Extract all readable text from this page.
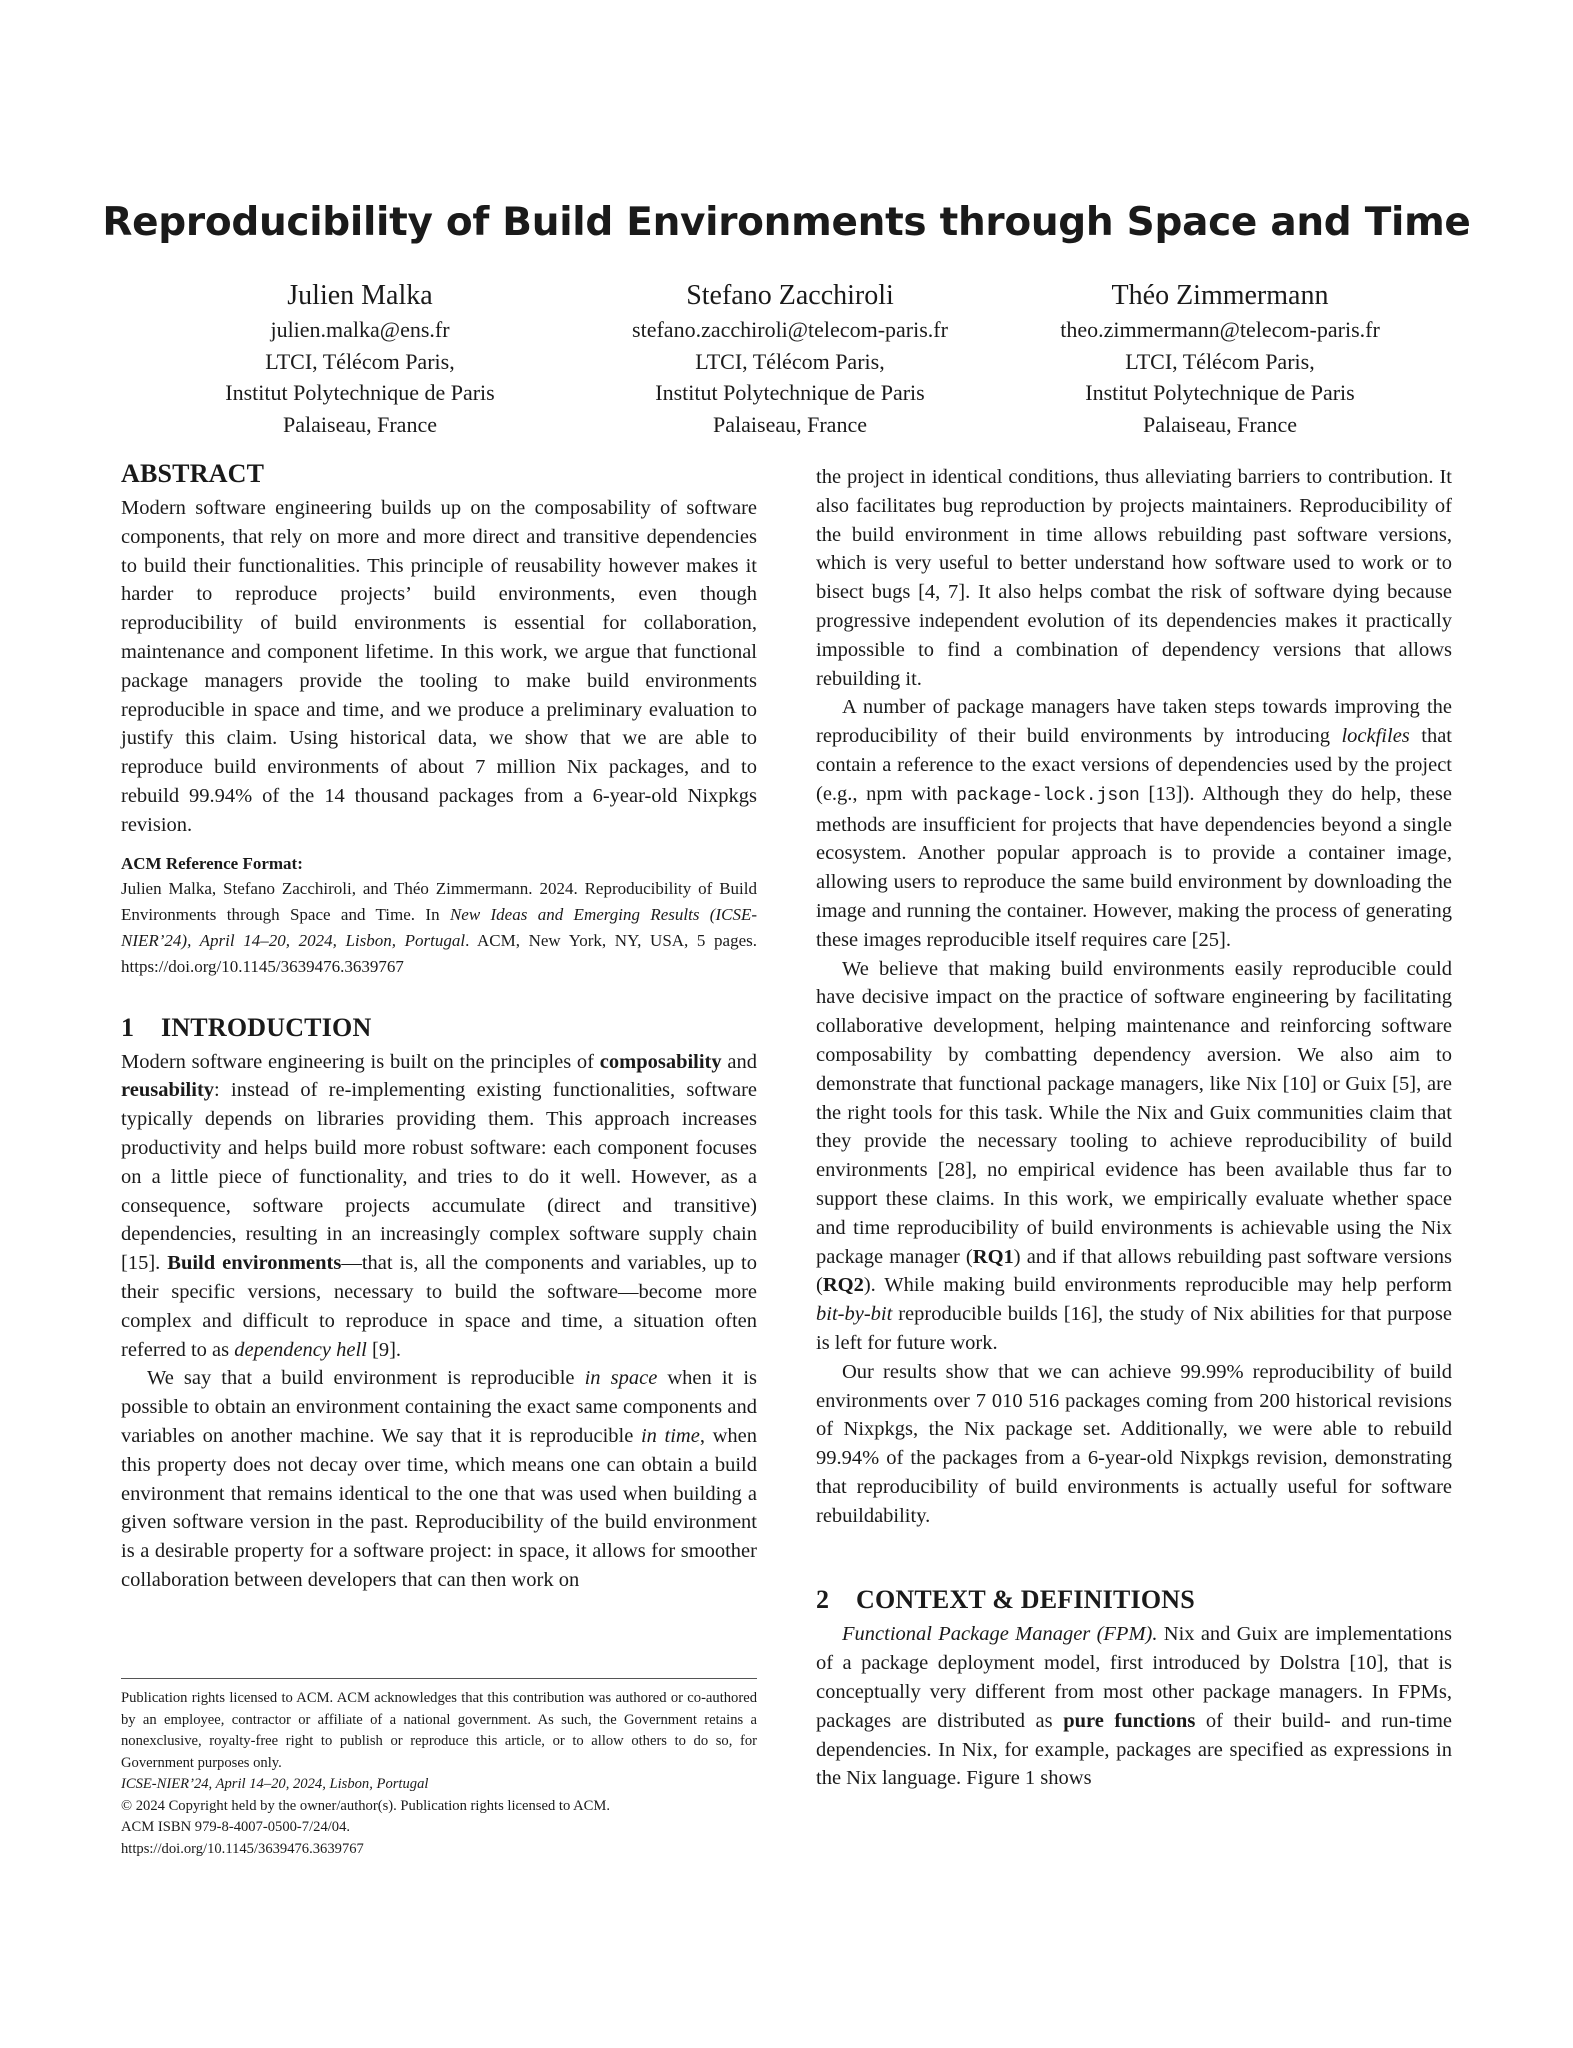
Reproducibility of Build Environments through Space and Time
Julien Malka
julien.malka@ens.fr
LTCI, Télécom Paris,
Institut Polytechnique de Paris
Palaiseau, France
Stefano Zacchiroli
stefano.zacchiroli@telecom-paris.fr
LTCI, Télécom Paris,
Institut Polytechnique de Paris
Palaiseau, France
Théo Zimmermann
theo.zimmermann@telecom-paris.fr
LTCI, Télécom Paris,
Institut Polytechnique de Paris
Palaiseau, France
ABSTRACT

Modern software engineering builds up on the composability of software components, that rely on more and more direct and transitive dependencies to build their functionalities. This principle of reusability however makes it harder to reproduce projects’ build environments, even though reproducibility of build environments is essential for collaboration, maintenance and component lifetime. In this work, we argue that functional package managers provide the tooling to make build environments reproducible in space and time, and we produce a preliminary evaluation to justify this claim. Using historical data, we show that we are able to reproduce build environments of about 7 million Nix packages, and to rebuild 99.94% of the 14 thousand packages from a 6-year-old Nixpkgs revision.

ACM Reference Format:
Julien Malka, Stefano Zacchiroli, and Théo Zimmermann. 2024. Reproducibility of Build Environments through Space and Time. In New Ideas and Emerging Results (ICSE-NIER’24), April 14–20, 2024, Lisbon, Portugal. ACM, New York, NY, USA, 5 pages. https://doi.org/10.1145/3639476.3639767
1 INTRODUCTION

Modern software engineering is built on the principles of composability and reusability: instead of re-implementing existing functionalities, software typically depends on libraries providing them. This approach increases productivity and helps build more robust software: each component focuses on a little piece of functionality, and tries to do it well. However, as a consequence, software projects accumulate (direct and transitive) dependencies, resulting in an increasingly complex software supply chain [15]. Build environments—that is, all the components and variables, up to their specific versions, necessary to build the software—become more complex and difficult to reproduce in space and time, a situation often referred to as dependency hell [9].

We say that a build environment is reproducible in space when it is possible to obtain an environment containing the exact same components and variables on another machine. We say that it is reproducible in time, when this property does not decay over time, which means one can obtain a build environment that remains identical to the one that was used when building a given software version in the past. Reproducibility of the build environment is a desirable property for a software project: in space, it allows for smoother collaboration between developers that can then work on

Publication rights licensed to ACM. ACM acknowledges that this contribution was authored or co-authored by an employee, contractor or affiliate of a national government. As such, the Government retains a nonexclusive, royalty-free right to publish or reproduce this article, or to allow others to do so, for Government purposes only.

ICSE-NIER’24, April 14–20, 2024, Lisbon, Portugal

© 2024 Copyright held by the owner/author(s). Publication rights licensed to ACM.

ACM ISBN 979-8-4007-0500-7/24/04.

https://doi.org/10.1145/3639476.3639767

the project in identical conditions, thus alleviating barriers to contribution. It also facilitates bug reproduction by projects maintainers. Reproducibility of the build environment in time allows rebuilding past software versions, which is very useful to better understand how software used to work or to bisect bugs [4, 7]. It also helps combat the risk of software dying because progressive independent evolution of its dependencies makes it practically impossible to find a combination of dependency versions that allows rebuilding it.

A number of package managers have taken steps towards improving the reproducibility of their build environments by introducing lockfiles that contain a reference to the exact versions of dependencies used by the project (e.g., npm with package-lock.json [13]). Although they do help, these methods are insufficient for projects that have dependencies beyond a single ecosystem. Another popular approach is to provide a container image, allowing users to reproduce the same build environment by downloading the image and running the container. However, making the process of generating these images reproducible itself requires care [25].

We believe that making build environments easily reproducible could have decisive impact on the practice of software engineering by facilitating collaborative development, helping maintenance and reinforcing software composability by combatting dependency aversion. We also aim to demonstrate that functional package managers, like Nix [10] or Guix [5], are the right tools for this task. While the Nix and Guix communities claim that they provide the necessary tooling to achieve reproducibility of build environments [28], no empirical evidence has been available thus far to support these claims. In this work, we empirically evaluate whether space and time reproducibility of build environments is achievable using the Nix package manager (RQ1) and if that allows rebuilding past software versions (RQ2). While making build environments reproducible may help perform bit-by-bit reproducible builds [16], the study of Nix abilities for that purpose is left for future work.

Our results show that we can achieve 99.99% reproducibility of build environments over 7 010 516 packages coming from 200 historical revisions of Nixpkgs, the Nix package set. Additionally, we were able to rebuild 99.94% of the packages from a 6-year-old Nixpkgs revision, demonstrating that reproducibility of build environments is actually useful for software rebuildability.

2 CONTEXT & DEFINITIONS

Functional Package Manager (FPM). Nix and Guix are implementations of a package deployment model, first introduced by Dolstra [10], that is conceptually very different from most other package managers. In FPMs, packages are distributed as pure functions of their build- and run-time dependencies. In Nix, for example, packages are specified as expressions in the Nix language. Figure 1 shows
